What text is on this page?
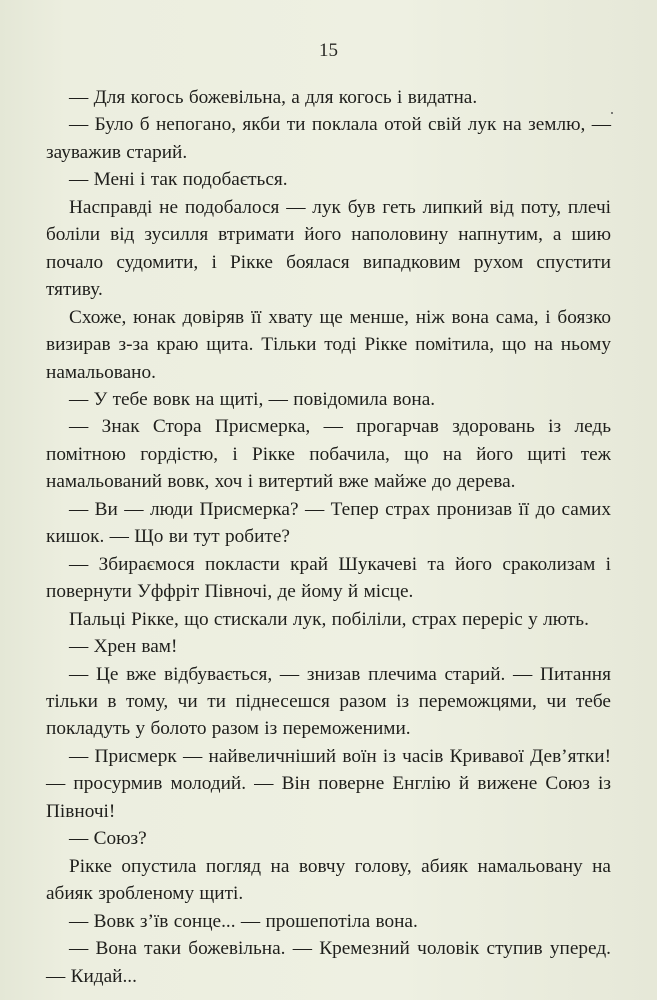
15

— Для когось божевільна, а для когось і видатна.

— Було б непогано, якби ти поклала отой свій лук на землю, — зауважив старий.

— Мені і так подобається.

Насправді не подобалося — лук був геть липкий від поту, плечі боліли від зусилля втримати його наполовину напнутим, а шию почало судомити, і Рікке боялася випадковим рухом спустити тятиву.

Схоже, юнак довіряв її хвату ще менше, ніж вона сама, і боязко визирав з-за краю щита. Тільки тоді Рікке помітила, що на ньому намальовано.

— У тебе вовк на щиті, — повідомила вона.

— Знак Стора Присмерка, — прогарчав здоровань із ледь помітною гордістю, і Рікке побачила, що на його щиті теж намальований вовк, хоч і витертий вже майже до дерева.

— Ви — люди Присмерка? — Тепер страх пронизав її до самих кишок. — Що ви тут робите?

— Збираємося покласти край Шукачеві та його сраколизам і повернути Уффріт Півночі, де йому й місце.

Пальці Рікке, що стискали лук, побіліли, страх переріс у лють.

— Хрен вам!

— Це вже відбувається, — знизав плечима старий. — Питання тільки в тому, чи ти піднесешся разом із переможцями, чи тебе покладуть у болото разом із переможеними.

— Присмерк — найвеличніший воїн із часів Кривавої Дев’ятки! — просурмив молодий. — Він поверне Енглію й вижене Союз із Півночі!

— Союз?

Рікке опустила погляд на вовчу голову, абияк намальовану на абияк зробленому щиті.

— Вовк з’їв сонце... — прошепотіла вона.

— Вона таки божевільна. — Кремезний чоловік ступив уперед. — Кидай...
